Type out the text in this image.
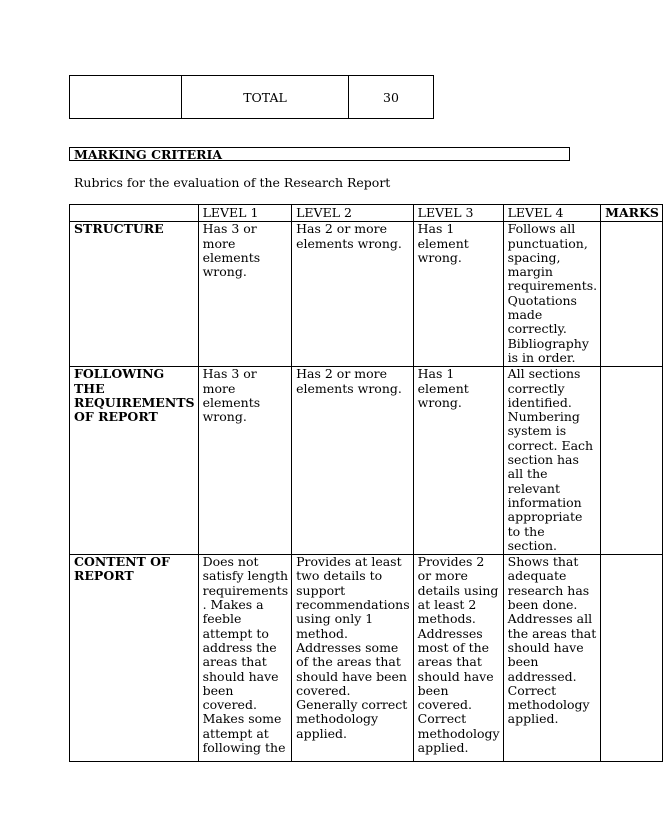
	TOTAL	30
MARKING CRITERIA
Rubrics for the evaluation of the Research Report
	LEVEL 1	LEVEL 2	LEVEL 3	LEVEL 4	MARKS
STRUCTURE	Has 3 or more elements wrong.	Has 2 or more elements wrong.	Has 1 element wrong.	Follows all punctuation, spacing, margin requirements. Quotations made correctly. Bibliography is in order.	
FOLLOWING THE REQUIREMENTS OF REPORT	Has 3 or more elements wrong.	Has 2 or more elements wrong.	Has 1 element wrong.	All sections correctly identified. Numbering system is correct. Each section has all the relevant information appropriate to the section.	
CONTENT OF REPORT	Does not satisfy length requirements . Makes a feeble attempt to address the areas that should have been covered. Makes some attempt at following the	Provides at least two details to support recommendations using only 1 method. Addresses some of the areas that should have been covered. Generally correct methodology applied.	Provides 2 or more details using at least 2 methods. Addresses most of the areas that should have been covered. Correct methodology applied.	Shows that adequate research has been done. Addresses all the areas that should have been addressed. Correct methodology applied.	
